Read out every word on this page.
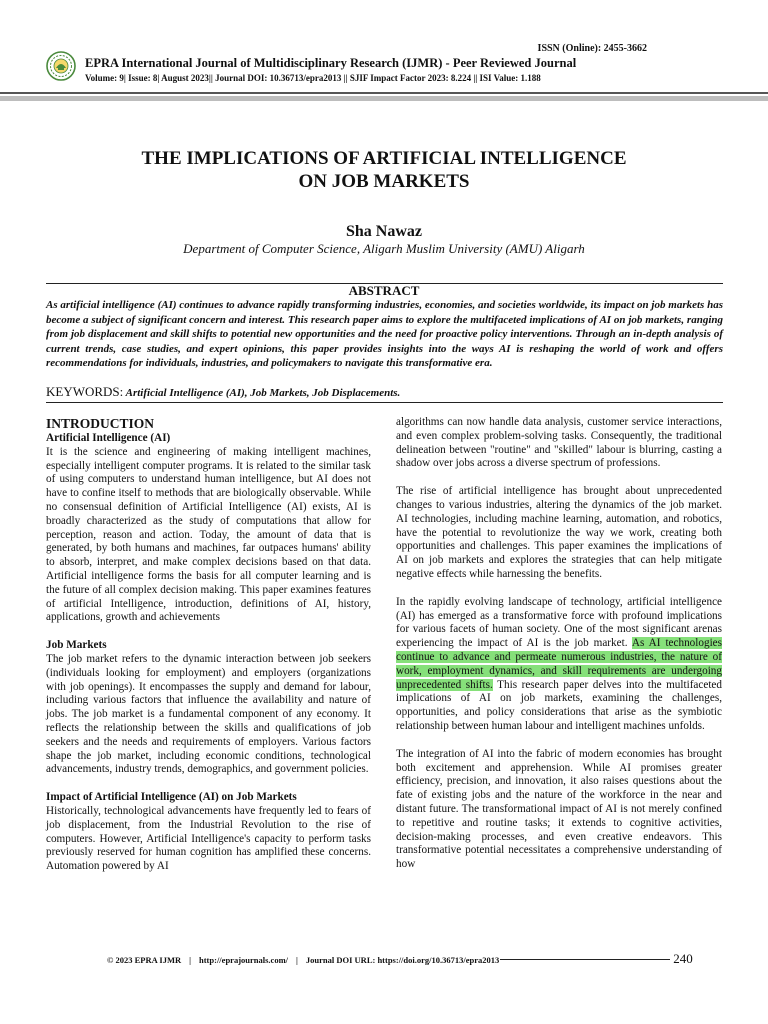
ISSN (Online): 2455-3662
EPRA International Journal of Multidisciplinary Research (IJMR) - Peer Reviewed Journal
Volume: 9| Issue: 8| August 2023|| Journal DOI: 10.36713/epra2013 || SJIF Impact Factor 2023: 8.224 || ISI Value: 1.188
THE IMPLICATIONS OF ARTIFICIAL INTELLIGENCE
ON JOB MARKETS
Sha Nawaz
Department of Computer Science, Aligarh Muslim University (AMU) Aligarh
ABSTRACT

As artificial intelligence (AI) continues to advance rapidly transforming industries, economies, and societies worldwide, its impact on job markets has become a subject of significant concern and interest. This research paper aims to explore the multifaceted implications of AI on job markets, ranging from job displacement and skill shifts to potential new opportunities and the need for proactive policy interventions. Through an in-depth analysis of current trends, case studies, and expert opinions, this paper provides insights into the ways AI is reshaping the world of work and offers recommendations for individuals, industries, and policymakers to navigate this transformative era.

KEYWORDS: Artificial Intelligence (AI), Job Markets, Job Displacements.
INTRODUCTION
Artificial Intelligence (AI)

It is the science and engineering of making intelligent machines, especially intelligent computer programs. It is related to the similar task of using computers to understand human intelligence, but AI does not have to confine itself to methods that are biologically observable. While no consensual definition of Artificial Intelligence (AI) exists, AI is broadly characterized as the study of computations that allow for perception, reason and action. Today, the amount of data that is generated, by both humans and machines, far outpaces humans' ability to absorb, interpret, and make complex decisions based on that data. Artificial intelligence forms the basis for all computer learning and is the future of all complex decision making. This paper examines features of artificial Intelligence, introduction, definitions of AI, history, applications, growth and achievements

Job Markets

The job market refers to the dynamic interaction between job seekers (individuals looking for employment) and employers (organizations with job openings). It encompasses the supply and demand for labour, including various factors that influence the availability and nature of jobs. The job market is a fundamental component of any economy. It reflects the relationship between the skills and qualifications of job seekers and the needs and requirements of employers. Various factors shape the job market, including economic conditions, technological advancements, industry trends, demographics, and government policies.

Impact of Artificial Intelligence (AI) on Job Markets

Historically, technological advancements have frequently led to fears of job displacement, from the Industrial Revolution to the rise of computers. However, Artificial Intelligence's capacity to perform tasks previously reserved for human cognition has amplified these concerns. Automation powered by AI

algorithms can now handle data analysis, customer service interactions, and even complex problem-solving tasks. Consequently, the traditional delineation between "routine" and "skilled" labour is blurring, casting a shadow over jobs across a diverse spectrum of professions.

The rise of artificial intelligence has brought about unprecedented changes to various industries, altering the dynamics of the job market. AI technologies, including machine learning, automation, and robotics, have the potential to revolutionize the way we work, creating both opportunities and challenges. This paper examines the implications of AI on job markets and explores the strategies that can help mitigate negative effects while harnessing the benefits.

In the rapidly evolving landscape of technology, artificial intelligence (AI) has emerged as a transformative force with profound implications for various facets of human society. One of the most significant arenas experiencing the impact of AI is the job market. As AI technologies continue to advance and permeate numerous industries, the nature of work, employment dynamics, and skill requirements are undergoing unprecedented shifts. This research paper delves into the multifaceted implications of AI on job markets, examining the challenges, opportunities, and policy considerations that arise as the symbiotic relationship between human labour and intelligent machines unfolds.

The integration of AI into the fabric of modern economies has brought both excitement and apprehension. While AI promises greater efficiency, precision, and innovation, it also raises questions about the fate of existing jobs and the nature of the workforce in the near and distant future. The transformational impact of AI is not merely confined to repetitive and routine tasks; it extends to cognitive activities, decision-making processes, and even creative endeavors. This transformative potential necessitates a comprehensive understanding of how

© 2023 EPRA IJMR | http://eprajournals.com/ | Journal DOI URL: https://doi.org/10.36713/epra2013	240
